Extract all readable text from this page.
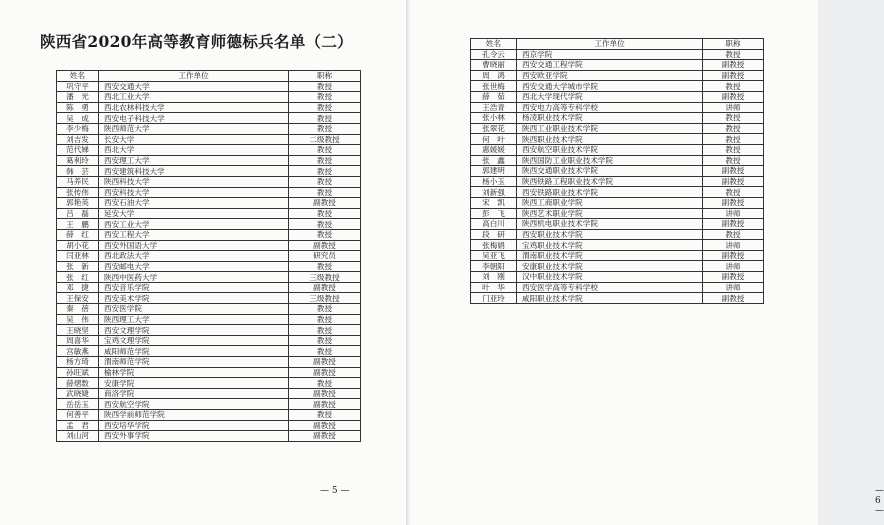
陕西省2020年高等教育师德标兵名单（二）
姓名	工作单位	职称
巩守平	西安交通大学	教授
潘　光	西北工业大学	教授
陈　勇	西北农林科技大学	教授
吴　成	西安电子科技大学	教授
李少梅	陕西师范大学	教授
刘吉发	长安大学	二级教授
范代娣	西北大学	教授
葛利玲	西安理工大学	教授
韩　芸	西安建筑科技大学	教授
马养民	陕西科技大学	教授
张传伟	西安科技大学	教授
郭艳英	西安石油大学	副教授
吕　磊	延安大学	教授
王　鹏	西安工业大学	教授
薛　红	西安工程大学	教授
胡小花	西安外国语大学	副教授
闫亚林	西北政法大学	研究员
张　新	西安邮电大学	教授
张　红	陕西中医药大学	三级教授
邓　捷	西安音乐学院	副教授
王保安	西安美术学院	三级教授
秦　蓓	西安医学院	教授
吴　伟	陕西理工大学	教授
王晓坚	西安文理学院	教授
周喜华	宝鸡文理学院	教授
宫敏燕	咸阳师范学院	教授
杨方琦	渭南师范学院	副教授
孙旺斌	榆林学院	副教授
薛熠数	安康学院	教授
武晓婕	商洛学院	副教授
岳岳玉	西安航空学院	副教授
何善平	陕西学前师范学院	教授
孟　君	西安培华学院	副教授
刘山河	西安外事学院	副教授
— 5 —	— 6 —
姓名	工作单位	职称
孔令云	西京学院	教授
曹晓丽	西安交通工程学院	副教授
周　鸿	西安欧亚学院	副教授
张世梅	西安交通大学城市学院	教授
薛　茹	西北大学现代学院	副教授
王浩青	西安电力高等专科学校	讲师
张小林	杨凌职业技术学院	教授
张翠花	陕西工业职业技术学院	教授
何　叶	陕西职业技术学院	教授
惠媛媛	西安航空职业技术学院	教授
张　鑫	陕西国防工业职业技术学院	教授
郭建明	陕西交通职业技术学院	副教授
杨小玉	陕西铁路工程职业技术学院	副教授
刘新强	西安铁路职业技术学院	教授
宋　凯	陕西工商职业学院	副教授
彭　飞	陕西艺术职业学院	讲师
高白川	陕西机电职业技术学院	副教授
段　研	西安职业技术学院	教授
张梅娟	宝鸡职业技术学院	讲师
吴亚飞	渭南职业技术学院	副教授
李朝阳	安康职业技术学院	讲师
刘　刚	汉中职业技术学院	副教授
叶　华	西安医学高等专科学校	讲师
门亚玲	咸阳职业技术学院	副教授
